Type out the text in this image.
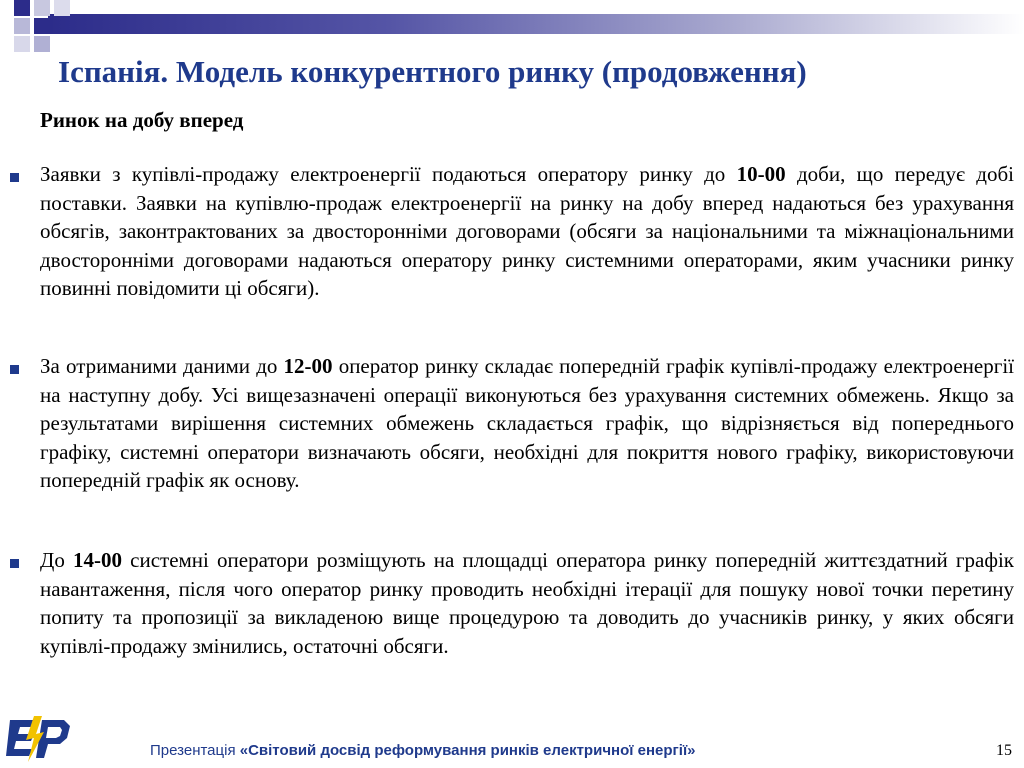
Іспанія. Модель конкурентного ринку (продовження)
Ринок на добу вперед
Заявки з купівлі-продажу електроенергії подаються оператору ринку до 10-00 доби, що передує добі поставки. Заявки на купівлю-продаж електроенергії на ринку на добу вперед надаються без урахування обсягів, законтрактованих за двосторонніми договорами (обсяги за національними та міжнаціональними двосторонніми договорами надаються оператору ринку системними операторами, яким учасники ринку повинні повідомити ці обсяги).
За отриманими даними до 12-00 оператор ринку складає попередній графік купівлі-продажу електроенергії на наступну добу. Усі вищезазначені операції виконуються без урахування системних обмежень. Якщо за результатами вирішення системних обмежень складається графік, що відрізняється від попереднього графіку, системні оператори визначають обсяги, необхідні для покриття нового графіку, використовуючи попередній графік як основу.
До 14-00 системні оператори розміщують на площадці оператора ринку попередній життєздатний графік навантаження, після чого оператор ринку проводить необхідні ітерації для пошуку нової точки перетину попиту та пропозиції за викладеною вище процедурою та доводить до учасників ринку, у яких обсяги купівлі-продажу змінились, остаточні обсяги.
Презентація «Світовий досвід реформування ринків електричної енергії»	15
